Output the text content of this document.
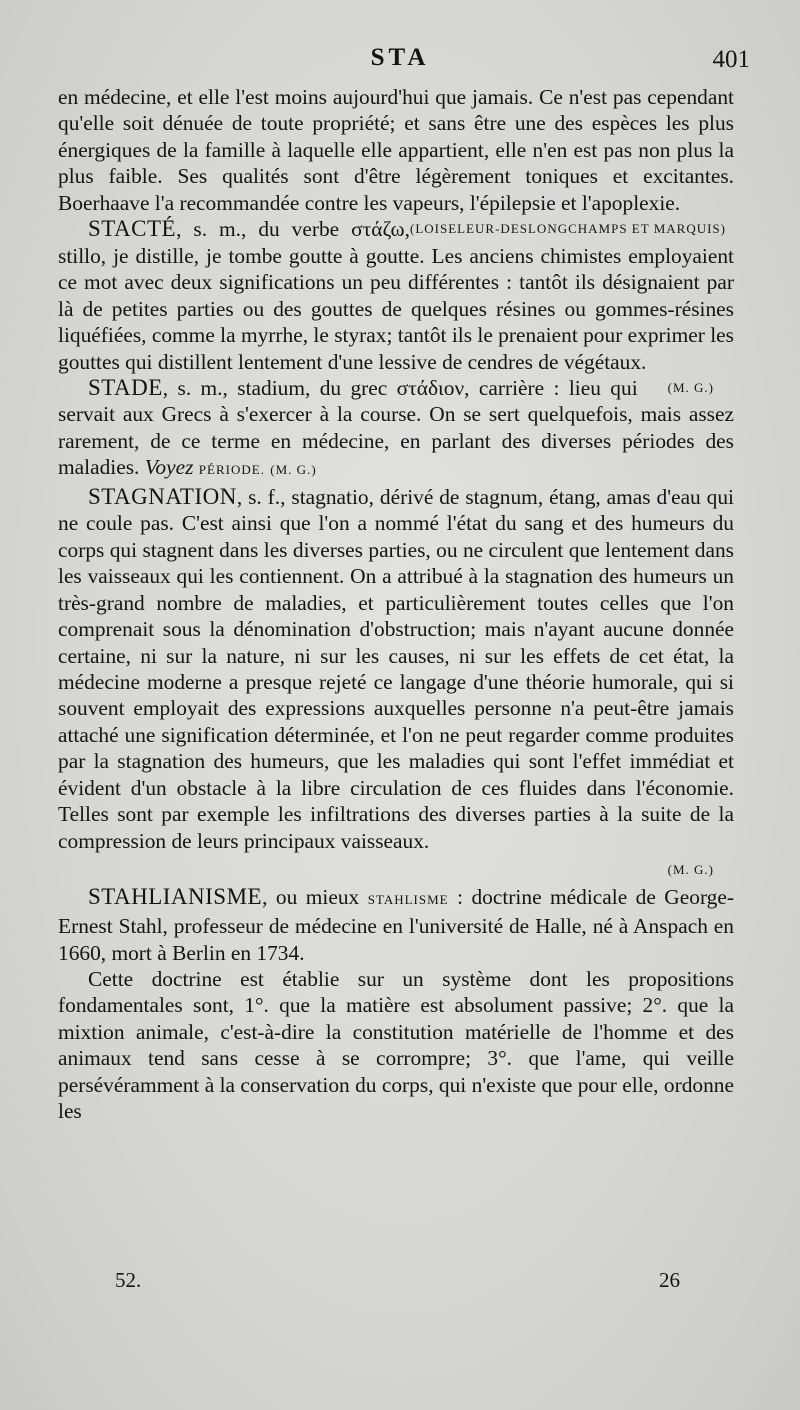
STA	401

en médecine, et elle l'est moins aujourd'hui que jamais. Ce n'est pas cependant qu'elle soit dénuée de toute propriété; et sans être une des espèces les plus énergiques de la famille à laquelle elle appartient, elle n'en est pas non plus la plus faible. Ses qualités sont d'être légèrement toniques et excitantes. Boerhaave l'a recommandée contre les vapeurs, l'épilepsie et l'apoplexie.
(LOISELEUR-DESLONGCHAMPS ET MARQUIS)

STACTÉ, s. m., du verbe στάζω, stillo, je distille, je tombe goutte à goutte. Les anciens chimistes employaient ce mot avec deux significations un peu différentes : tantôt ils désignaient par là de petites parties ou des gouttes de quelques résines ou gommes-résines liquéfiées, comme la myrrhe, le styrax; tantôt ils le prenaient pour exprimer les gouttes qui distillent lentement d'une lessive de cendres de végétaux.
(M. G.)

STADE, s. m., stadium, du grec στάδιον, carrière : lieu qui servait aux Grecs à s'exercer à la course. On se sert quelquefois, mais assez rarement, de ce terme en médecine, en parlant des diverses périodes des maladies. Voyez PÉRIODE. (M. G.)

STAGNATION, s. f., stagnatio, dérivé de stagnum, étang, amas d'eau qui ne coule pas. C'est ainsi que l'on a nommé l'état du sang et des humeurs du corps qui stagnent dans les diverses parties, ou ne circulent que lentement dans les vaisseaux qui les contiennent. On a attribué à la stagnation des humeurs un très-grand nombre de maladies, et particulièrement toutes celles que l'on comprenait sous la dénomination d'obstruction; mais n'ayant aucune donnée certaine, ni sur la nature, ni sur les causes, ni sur les effets de cet état, la médecine moderne a presque rejeté ce langage d'une théorie humorale, qui si souvent employait des expressions auxquelles personne n'a peut-être jamais attaché une signification déterminée, et l'on ne peut regarder comme produites par la stagnation des humeurs, que les maladies qui sont l'effet immédiat et évident d'un obstacle à la libre circulation de ces fluides dans l'économie. Telles sont par exemple les infiltrations des diverses parties à la suite de la compression de leurs principaux vaisseaux.

(M. G.)

STAHLIANISME, ou mieux STAHLISME : doctrine médicale de George-Ernest Stahl, professeur de médecine en l'université de Halle, né à Anspach en 1660, mort à Berlin en 1734.

Cette doctrine est établie sur un système dont les propositions fondamentales sont, 1°. que la matière est absolument passive; 2°. que la mixtion animale, c'est-à-dire la constitution matérielle de l'homme et des animaux tend sans cesse à se corrompre; 3°. que l'ame, qui veille persévéramment à la conservation du corps, qui n'existe que pour elle, ordonne les

52.	26
